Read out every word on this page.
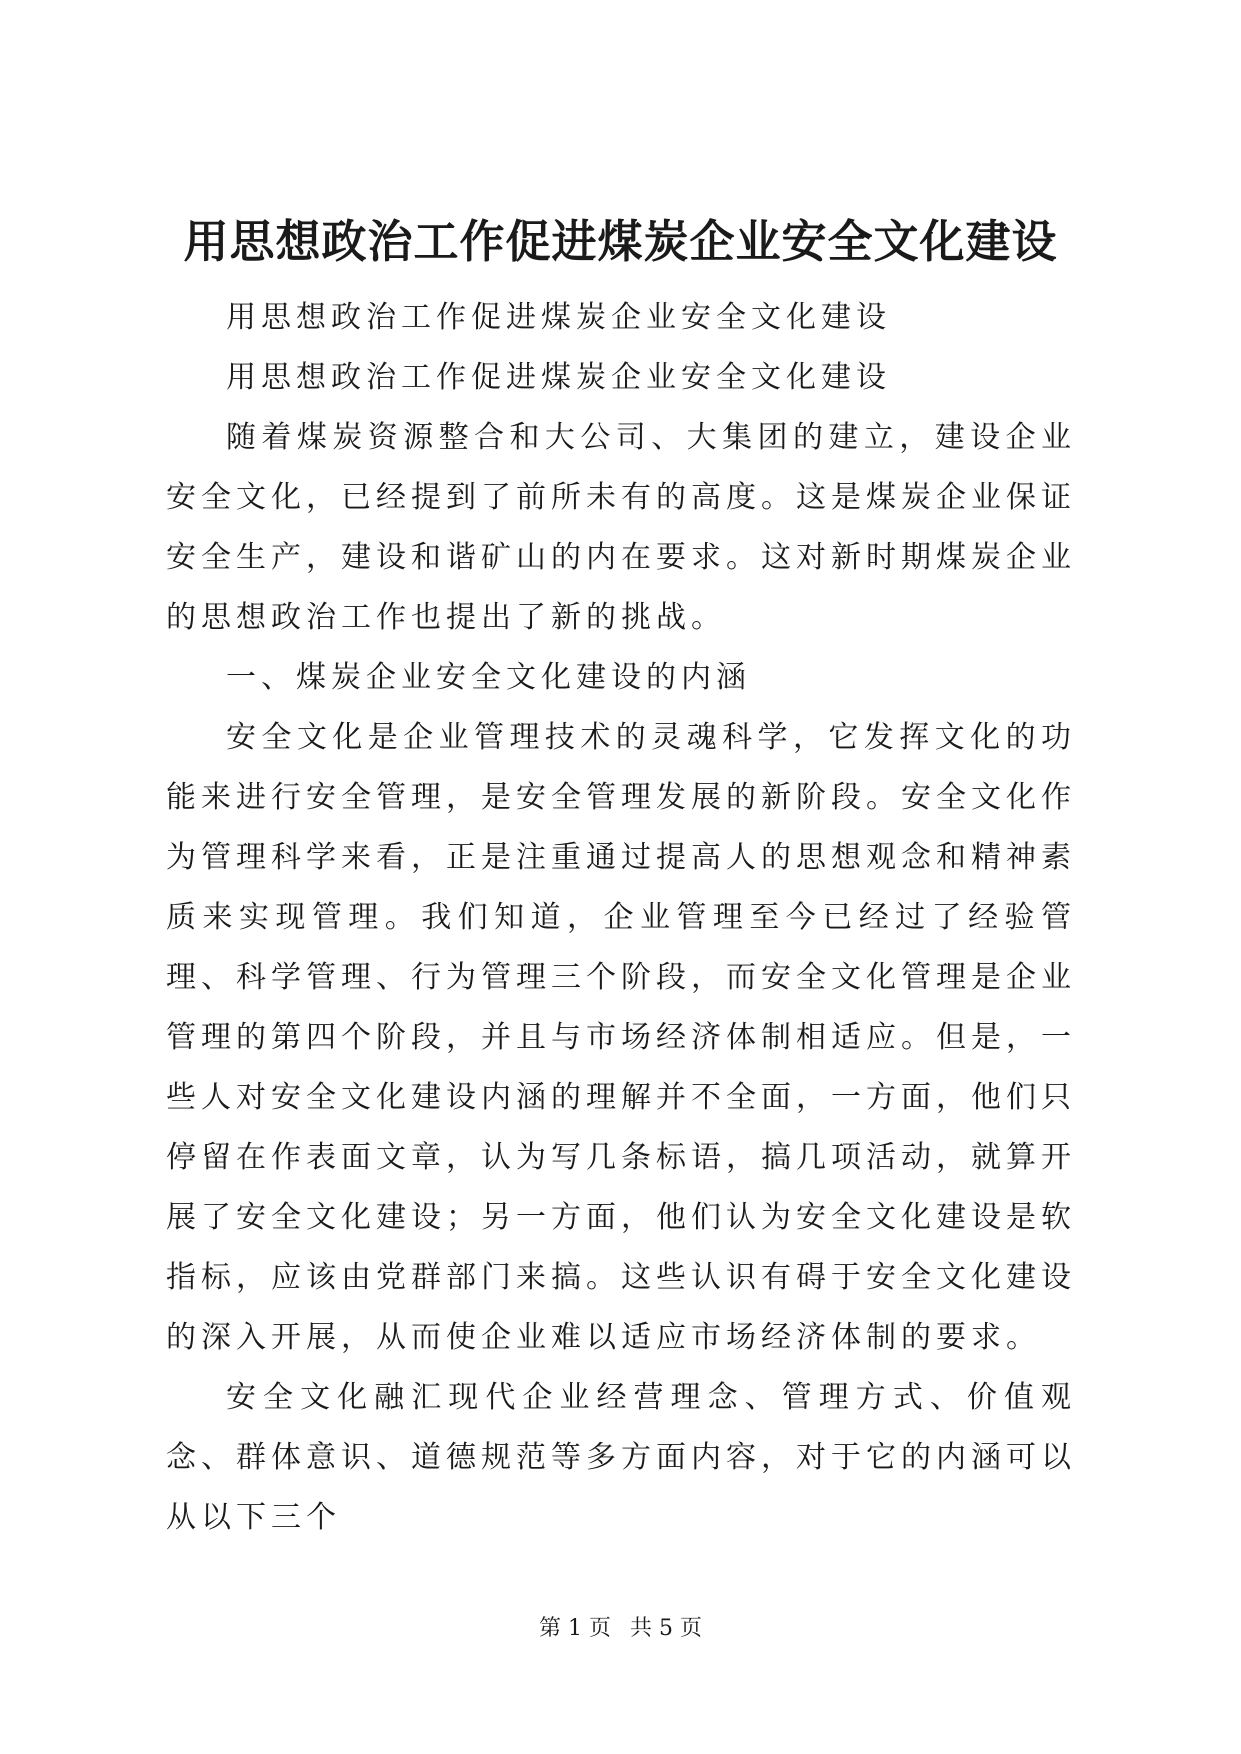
用思想政治工作促进煤炭企业安全文化建设

用思想政治工作促进煤炭企业安全文化建设

用思想政治工作促进煤炭企业安全文化建设

随着煤炭资源整合和大公司、大集团的建立，建设企业安全文化，已经提到了前所未有的高度。这是煤炭企业保证安全生产，建设和谐矿山的内在要求。这对新时期煤炭企业的思想政治工作也提出了新的挑战。

一、煤炭企业安全文化建设的内涵

安全文化是企业管理技术的灵魂科学，它发挥文化的功能来进行安全管理，是安全管理发展的新阶段。安全文化作为管理科学来看，正是注重通过提高人的思想观念和精神素质来实现管理。我们知道，企业管理至今已经过了经验管理、科学管理、行为管理三个阶段，而安全文化管理是企业管理的第四个阶段，并且与市场经济体制相适应。但是，一些人对安全文化建设内涵的理解并不全面，一方面，他们只停留在作表面文章，认为写几条标语，搞几项活动，就算开展了安全文化建设；另一方面，他们认为安全文化建设是软指标，应该由党群部门来搞。这些认识有碍于安全文化建设的深入开展，从而使企业难以适应市场经济体制的要求。

安全文化融汇现代企业经营理念、管理方式、价值观念、群体意识、道德规范等多方面内容，对于它的内涵可以从以下三个

第 1 页 共 5 页
